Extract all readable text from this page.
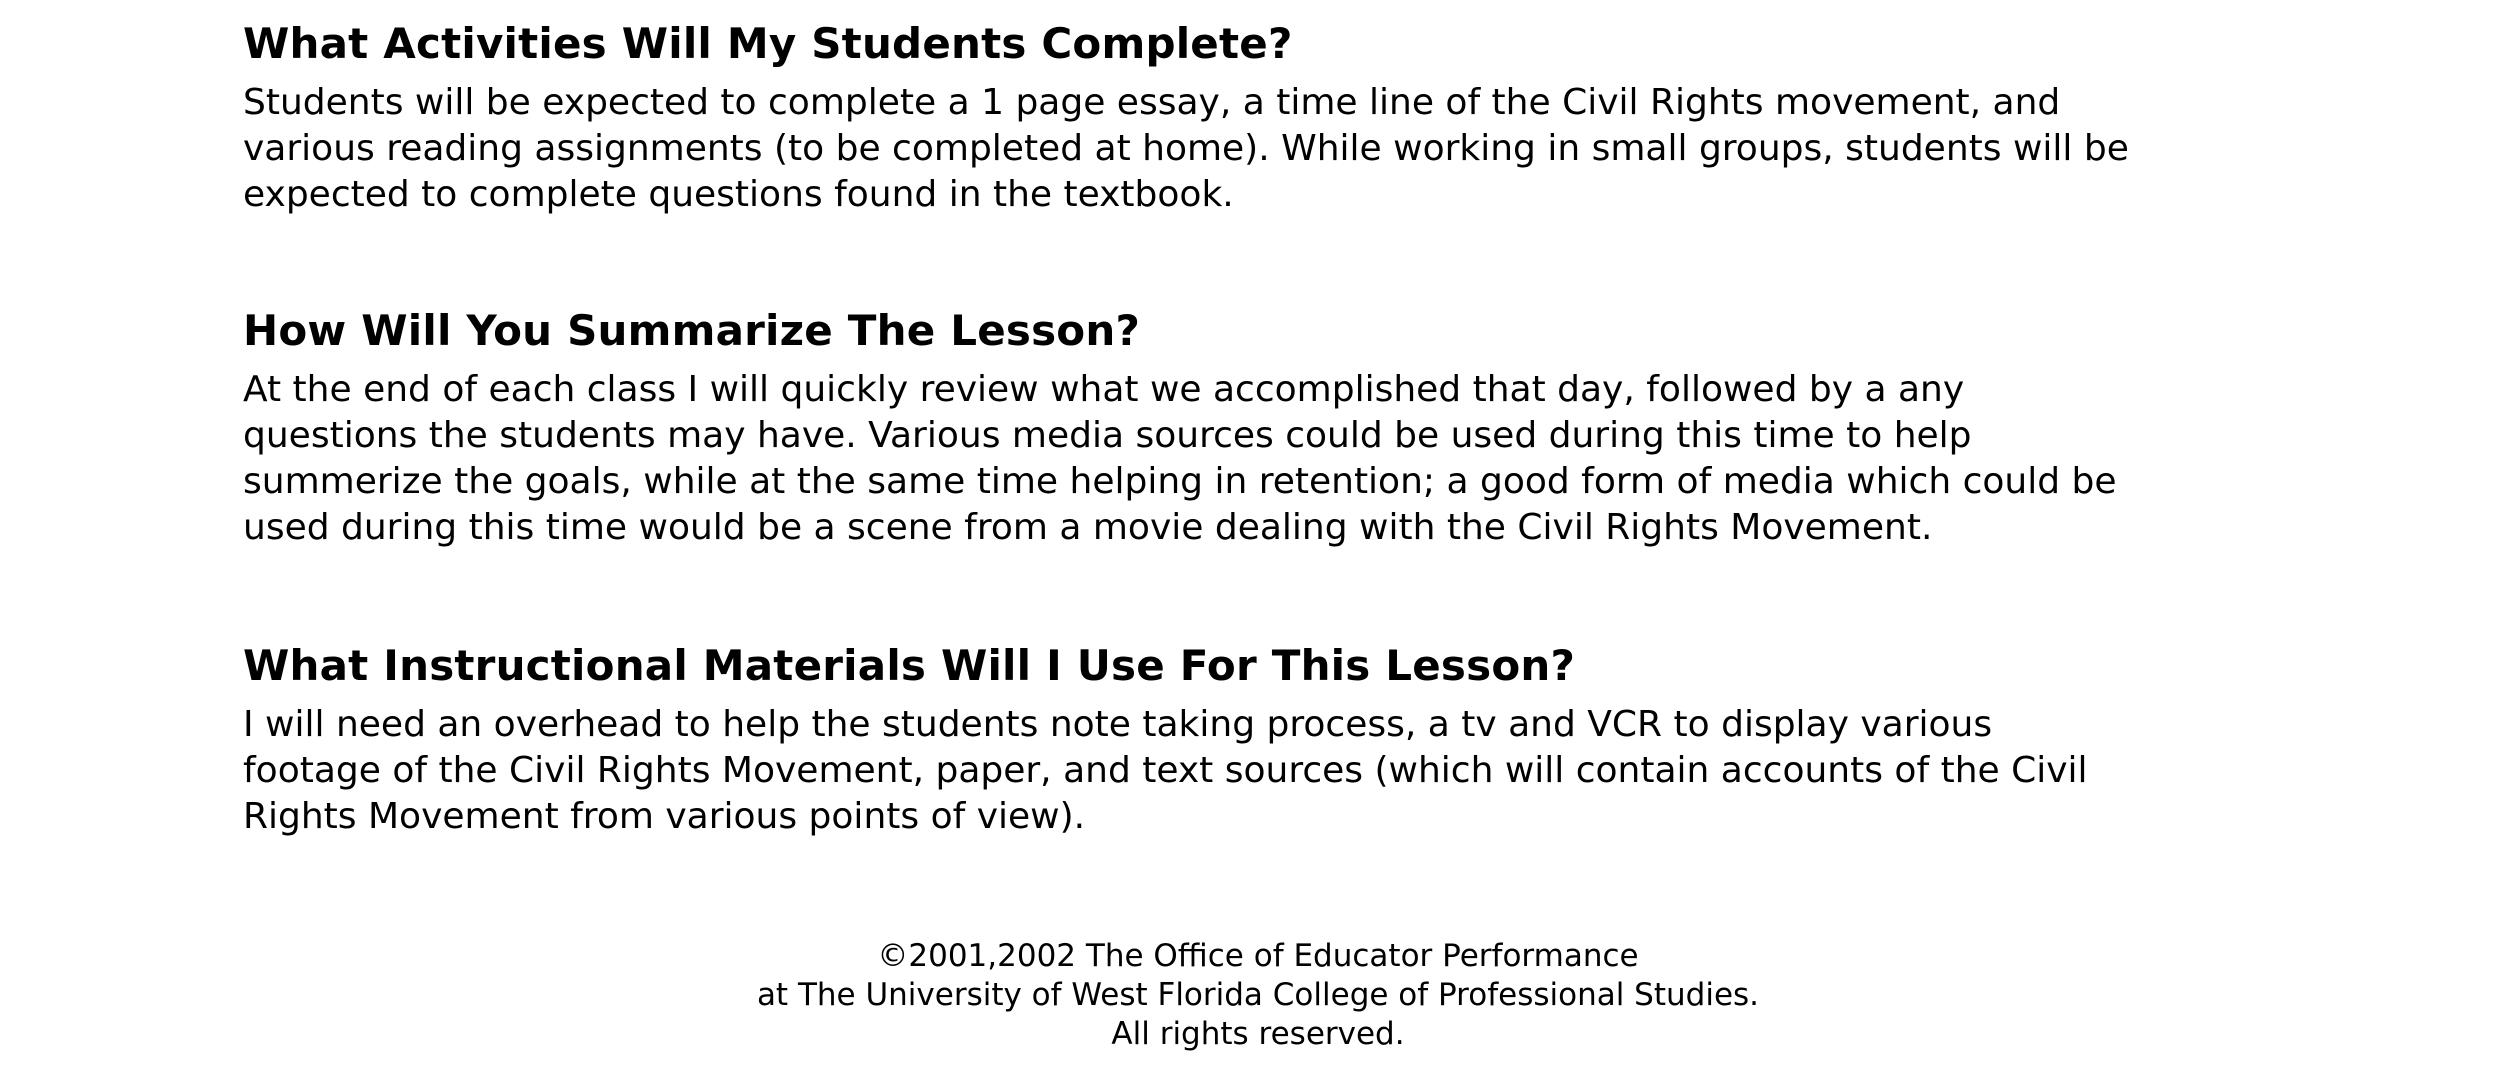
What Activities Will My Students Complete?

Students will be expected to complete a 1 page essay, a time line of the Civil Rights movement, and
various reading assignments (to be completed at home). While working in small groups, students will be
expected to complete questions found in the textbook.

How Will You Summarize The Lesson?

At the end of each class I will quickly review what we accomplished that day, followed by a any
questions the students may have. Various media sources could be used during this time to help
summerize the goals, while at the same time helping in retention; a good form of media which could be
used during this time would be a scene from a movie dealing with the Civil Rights Movement.

What Instructional Materials Will I Use For This Lesson?

I will need an overhead to help the students note taking process, a tv and VCR to display various
footage of the Civil Rights Movement, paper, and text sources (which will contain accounts of the Civil
Rights Movement from various points of view).

©2001,2002 The Office of Educator Performance
at The University of West Florida College of Professional Studies.
All rights reserved.
